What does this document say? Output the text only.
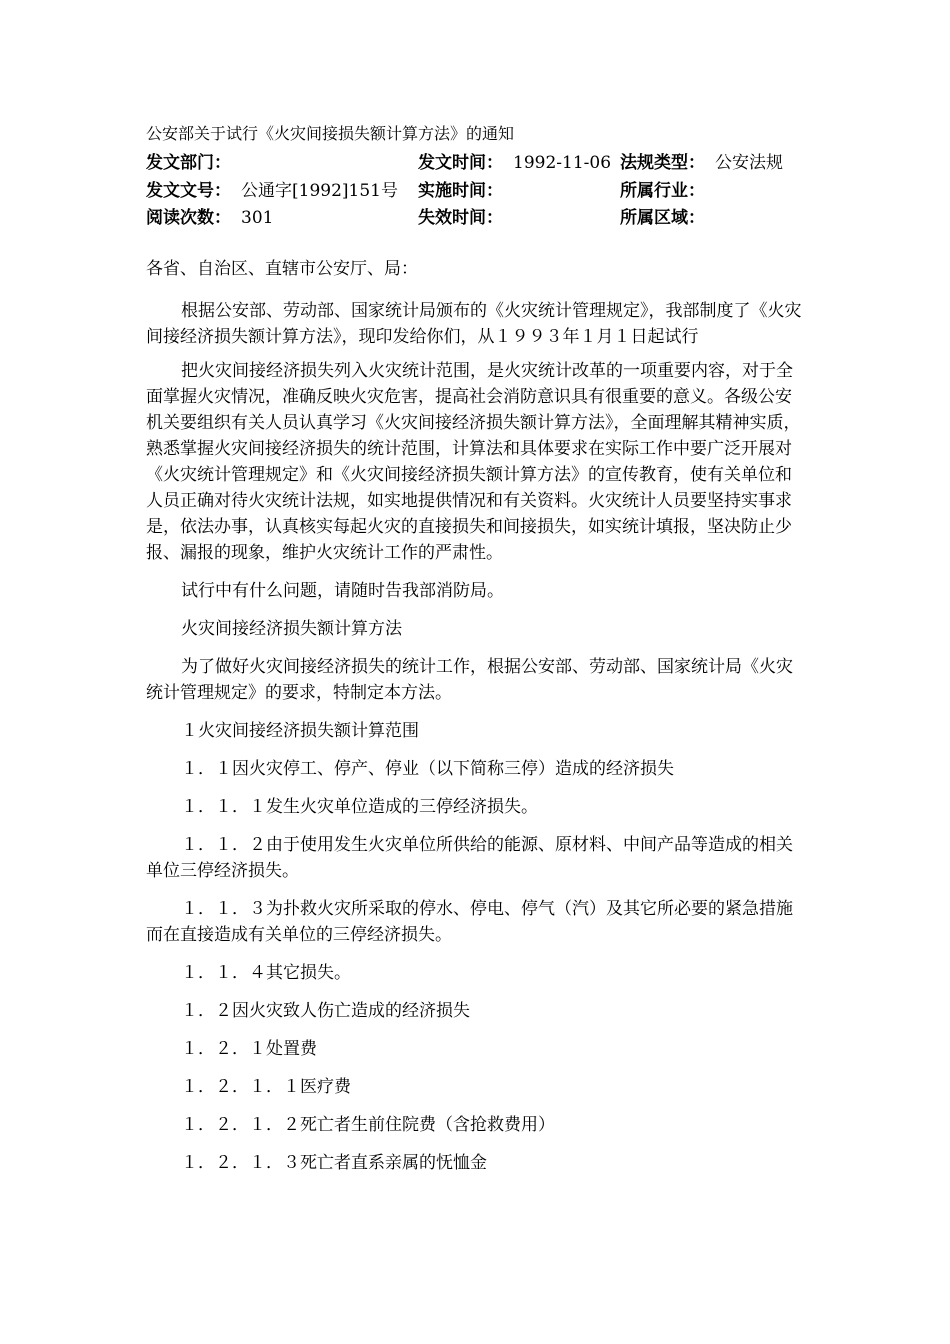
公安部关于试行《火灾间接损失额计算方法》的通知
发文部门：	发文时间： 1992-11-06 法规类型： 公安法规
发文文号： 公通字[1992]151号 实施时间：	所属行业：
阅读次数： 301	失效时间：	所属区域：
各省、自治区、直辖市公安厅、局：

根据公安部、劳动部、国家统计局颁布的《火灾统计管理规定》，我部制度了《火灾间接经济损失额计算方法》，现印发给你们，从１９９３年１月１日起试行

把火灾间接经济损失列入火灾统计范围，是火灾统计改革的一项重要内容，对于全面掌握火灾情况，准确反映火灾危害，提高社会消防意识具有很重要的意义。各级公安机关要组织有关人员认真学习《火灾间接经济损失额计算方法》，全面理解其精神实质，熟悉掌握火灾间接经济损失的统计范围，计算法和具体要求在实际工作中要广泛开展对《火灾统计管理规定》和《火灾间接经济损失额计算方法》的宣传教育，使有关单位和人员正确对待火灾统计法规，如实地提供情况和有关资料。火灾统计人员要坚持实事求是，依法办事，认真核实每起火灾的直接损失和间接损失，如实统计填报，坚决防止少报、漏报的现象，维护火灾统计工作的严肃性。

试行中有什么问题，请随时告我部消防局。

火灾间接经济损失额计算方法

为了做好火灾间接经济损失的统计工作，根据公安部、劳动部、国家统计局《火灾统计管理规定》的要求，特制定本方法。

１火灾间接经济损失额计算范围

１．１因火灾停工、停产、停业（以下简称三停）造成的经济损失

１．１．１发生火灾单位造成的三停经济损失。

１．１．２由于使用发生火灾单位所供给的能源、原材料、中间产品等造成的相关单位三停经济损失。

１．１．３为扑救火灾所采取的停水、停电、停气（汽）及其它所必要的紧急措施而在直接造成有关单位的三停经济损失。

１．１．４其它损失。

１．２因火灾致人伤亡造成的经济损失

１．２．１处置费

１．２．１．１医疗费

１．２．１．２死亡者生前住院费（含抢救费用）

１．２．１．３死亡者直系亲属的怃恤金
